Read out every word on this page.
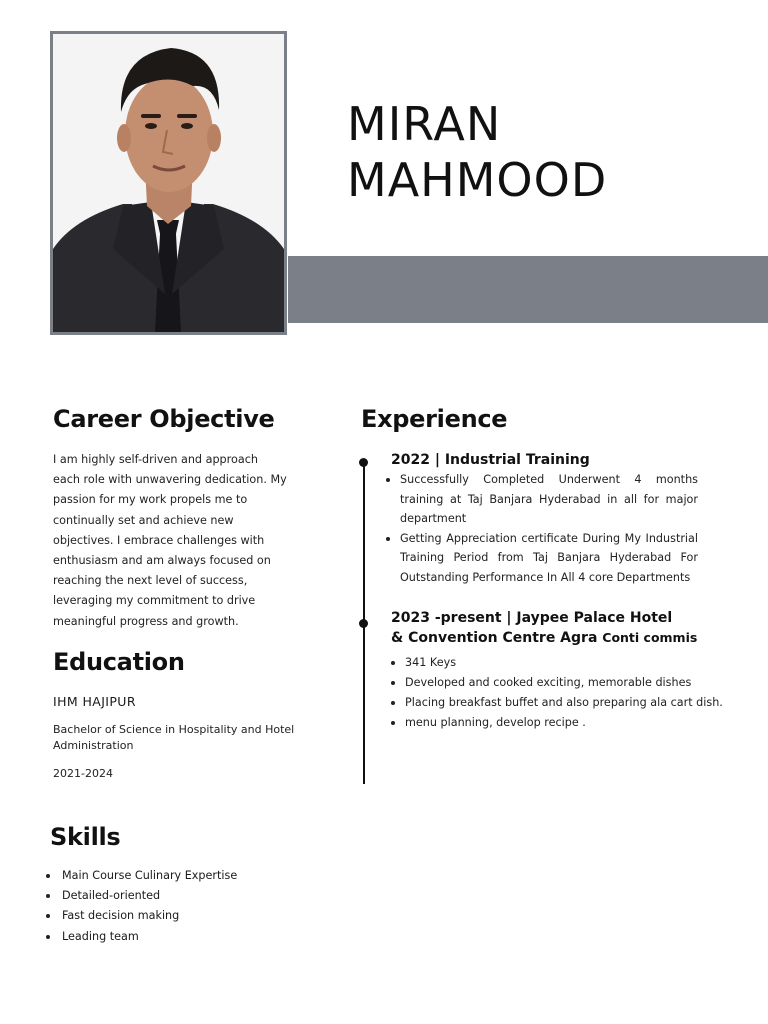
MIRAN
MAHMOOD
Career Objective
I am highly self-driven and approach
each role with unwavering dedication. My
passion for my work propels me to
continually set and achieve new
objectives. I embrace challenges with
enthusiasm and am always focused on
reaching the next level of success,
leveraging my commitment to drive
meaningful progress and growth.
Education
IHM HAJIPUR
Bachelor of Science in Hospitality and Hotel
Administration
2021-2024
Skills
Main Course Culinary Expertise
Detailed-oriented
Fast decision making
Leading team
Experience
2022 | Industrial Training
Successfully Completed Underwent 4 months training at Taj Banjara Hyderabad in all for major department
Getting Appreciation certificate During My Industrial Training Period from Taj Banjara Hyderabad For Outstanding Performance In All 4 core Departments
2023 -present | Jaypee Palace Hotel
& Convention Centre Agra Conti commis
341 Keys
Developed and cooked exciting, memorable dishes
Placing breakfast buffet and also preparing ala cart dish.
menu planning, develop recipe .
